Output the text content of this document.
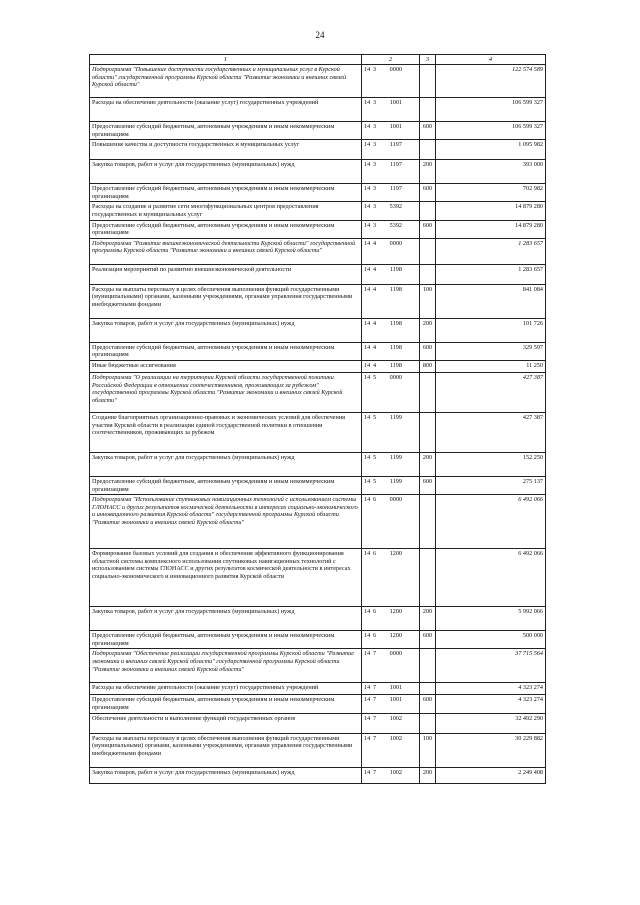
24
1	2	3	4
Подпрограмма "Повышение доступности государственных и муниципальных услуг в Курской области" государственной программы Курской области "Развитие экономики и внешних связей Курской области"	14 3 0000		122 574 589
Расходы на обеспечение деятельности (оказание услуг) государственных учреждений	14 3 1001		106 599 327
Предоставление субсидий бюджетным, автономным учреждениям и иным некоммерческим организациям	14 3 1001	600	106 599 327
Повышение качества и доступности государственных и муниципальных услуг	14 3 1197		1 095 982
Закупка товаров, работ и услуг для государственных (муниципальных) нужд	14 3 1197	200	393 000
Предоставление субсидий бюджетным, автономным учреждениям и иным некоммерческим организациям	14 3 1197	600	702 982
Расходы на создание и развитие сети многофункциональных центров предоставления государственных и муниципальных услуг	14 3 5392		14 879 280
Предоставление субсидий бюджетным, автономным учреждениям и иным некоммерческим организациям	14 3 5392	600	14 879 280
Подпрограмма "Развитие внешнеэкономической деятельности Курской области" государственной программы Курской области "Развитие экономики и внешних связей Курской области"	14 4 0000		1 283 657
Реализация мероприятий по развитию внешнеэкономической деятельности	14 4 1198		1 283 657
Расходы на выплаты персоналу в целях обеспечения выполнения функций государственными (муниципальными) органами, казенными учреждениями, органами управления государственными внебюджетными фондами	14 4 1198	100	841 084
Закупка товаров, работ и услуг для государственных (муниципальных) нужд	14 4 1198	200	101 726
Предоставление субсидий бюджетным, автономным учреждениям и иным некоммерческим организациям	14 4 1198	600	329 597
Иные бюджетные ассигнования	14 4 1198	800	11 250
Подпрограмма "О реализации на территории Курской области государственной политики Российской Федерации в отношении соотечественников, проживающих за рубежом" государственной программы Курской области "Развитие экономики и внешних связей Курской области"	14 5 0000		427 387
Создание благоприятных организационно-правовых и экономических условий для обеспечения участия Курской области в реализации единой государственной политики в отношении соотечественников, проживающих за рубежом	14 5 1199		427 387
Закупка товаров, работ и услуг для государственных (муниципальных) нужд	14 5 1199	200	152 250
Предоставление субсидий бюджетным, автономным учреждениям и иным некоммерческим организациям	14 5 1199	600	275 137
Подпрограмма "Использование спутниковых навигационных технологий с использованием системы ГЛОНАСС и других результатов космической деятельности в интересах социально-экономического и инновационного развития Курской области" государственной программы Курской области "Развитие экономики и внешних связей Курской области"	14 6 0000		6 492 066
Формирование базовых условий для создания и обеспечения эффективного функционирования областной системы комплексного использования спутниковых навигационных технологий с использованием системы ГЛОНАСС и других результатов космической деятельности в интересах социально-экономического и инновационного развития Курской области	14 6 1200		6 492 066
Закупка товаров, работ и услуг для государственных (муниципальных) нужд	14 6 1200	200	5 992 066
Предоставление субсидий бюджетным, автономным учреждениям и иным некоммерческим организациям	14 6 1200	600	500 000
Подпрограмма "Обеспечение реализации государственной программы Курской области "Развитие экономики и внешних связей Курской области" государственной программы Курской области "Развитие экономики и внешних связей Курской области"	14 7 0000		37 715 564
Расходы на обеспечение деятельности (оказание услуг) государственных учреждений	14 7 1001		4 323 274
Предоставление субсидий бюджетным, автономным учреждениям и иным некоммерческим организациям	14 7 1001	600	4 323 274
Обеспечение деятельности и выполнение функций государственных органов	14 7 1002		32 492 290
Расходы на выплаты персоналу в целях обеспечения выполнения функций государственными (муниципальными) органами, казенными учреждениями, органами управления государственными внебюджетными фондами	14 7 1002	100	30 229 882
Закупка товаров, работ и услуг для государственных (муниципальных) нужд	14 7 1002	200	2 249 408
